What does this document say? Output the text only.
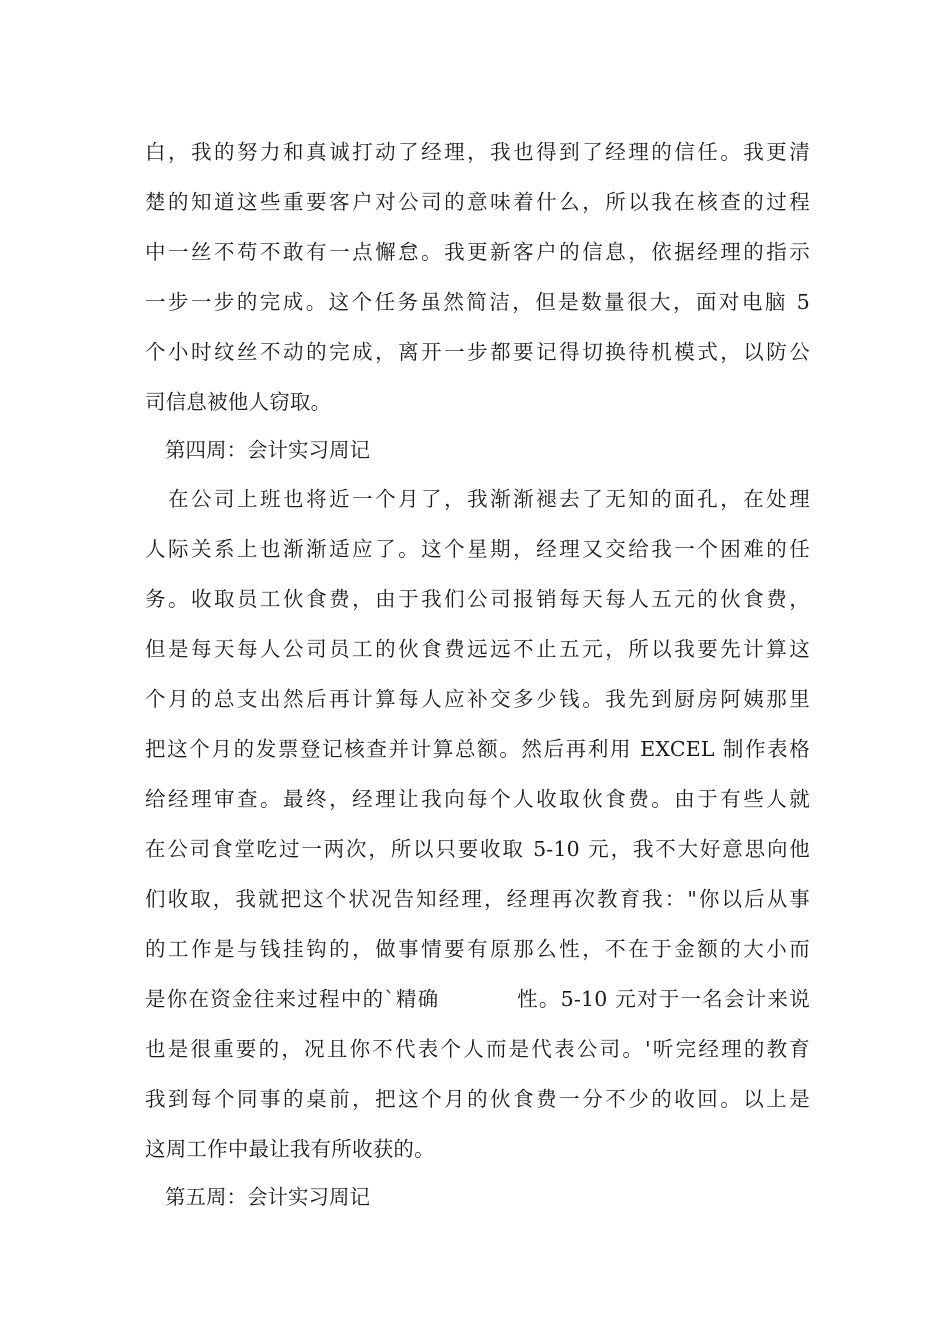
白，我的努力和真诚打动了经理，我也得到了经理的信任。我更清
楚的知道这些重要客户对公司的意味着什么，所以我在核查的过程
中一丝不苟不敢有一点懈怠。我更新客户的信息，依据经理的指示
一步一步的完成。这个任务虽然简洁，但是数量很大，面对电脑 5
个小时纹丝不动的完成，离开一步都要记得切换待机模式，以防公
司信息被他人窃取。
第四周：会计实习周记
在公司上班也将近一个月了，我渐渐褪去了无知的面孔，在处理
人际关系上也渐渐适应了。这个星期，经理又交给我一个困难的任
务。收取员工伙食费，由于我们公司报销每天每人五元的伙食费，
但是每天每人公司员工的伙食费远远不止五元，所以我要先计算这
个月的总支出然后再计算每人应补交多少钱。我先到厨房阿姨那里
把这个月的发票登记核查并计算总额。然后再利用 EXCEL 制作表格
给经理审查。最终，经理让我向每个人收取伙食费。由于有些人就
在公司食堂吃过一两次，所以只要收取 5-10 元，我不大好意思向他
们收取，我就把这个状况告知经理，经理再次教育我："你以后从事
的工作是与钱挂钩的，做事情要有原那么性，不在于金额的大小而
是你在资金往来过程中的`精确          性。5-10 元对于一名会计来说
也是很重要的，况且你不代表个人而是代表公司。'听完经理的教育
我到每个同事的桌前，把这个月的伙食费一分不少的收回。以上是
这周工作中最让我有所收获的。
第五周：会计实习周记
